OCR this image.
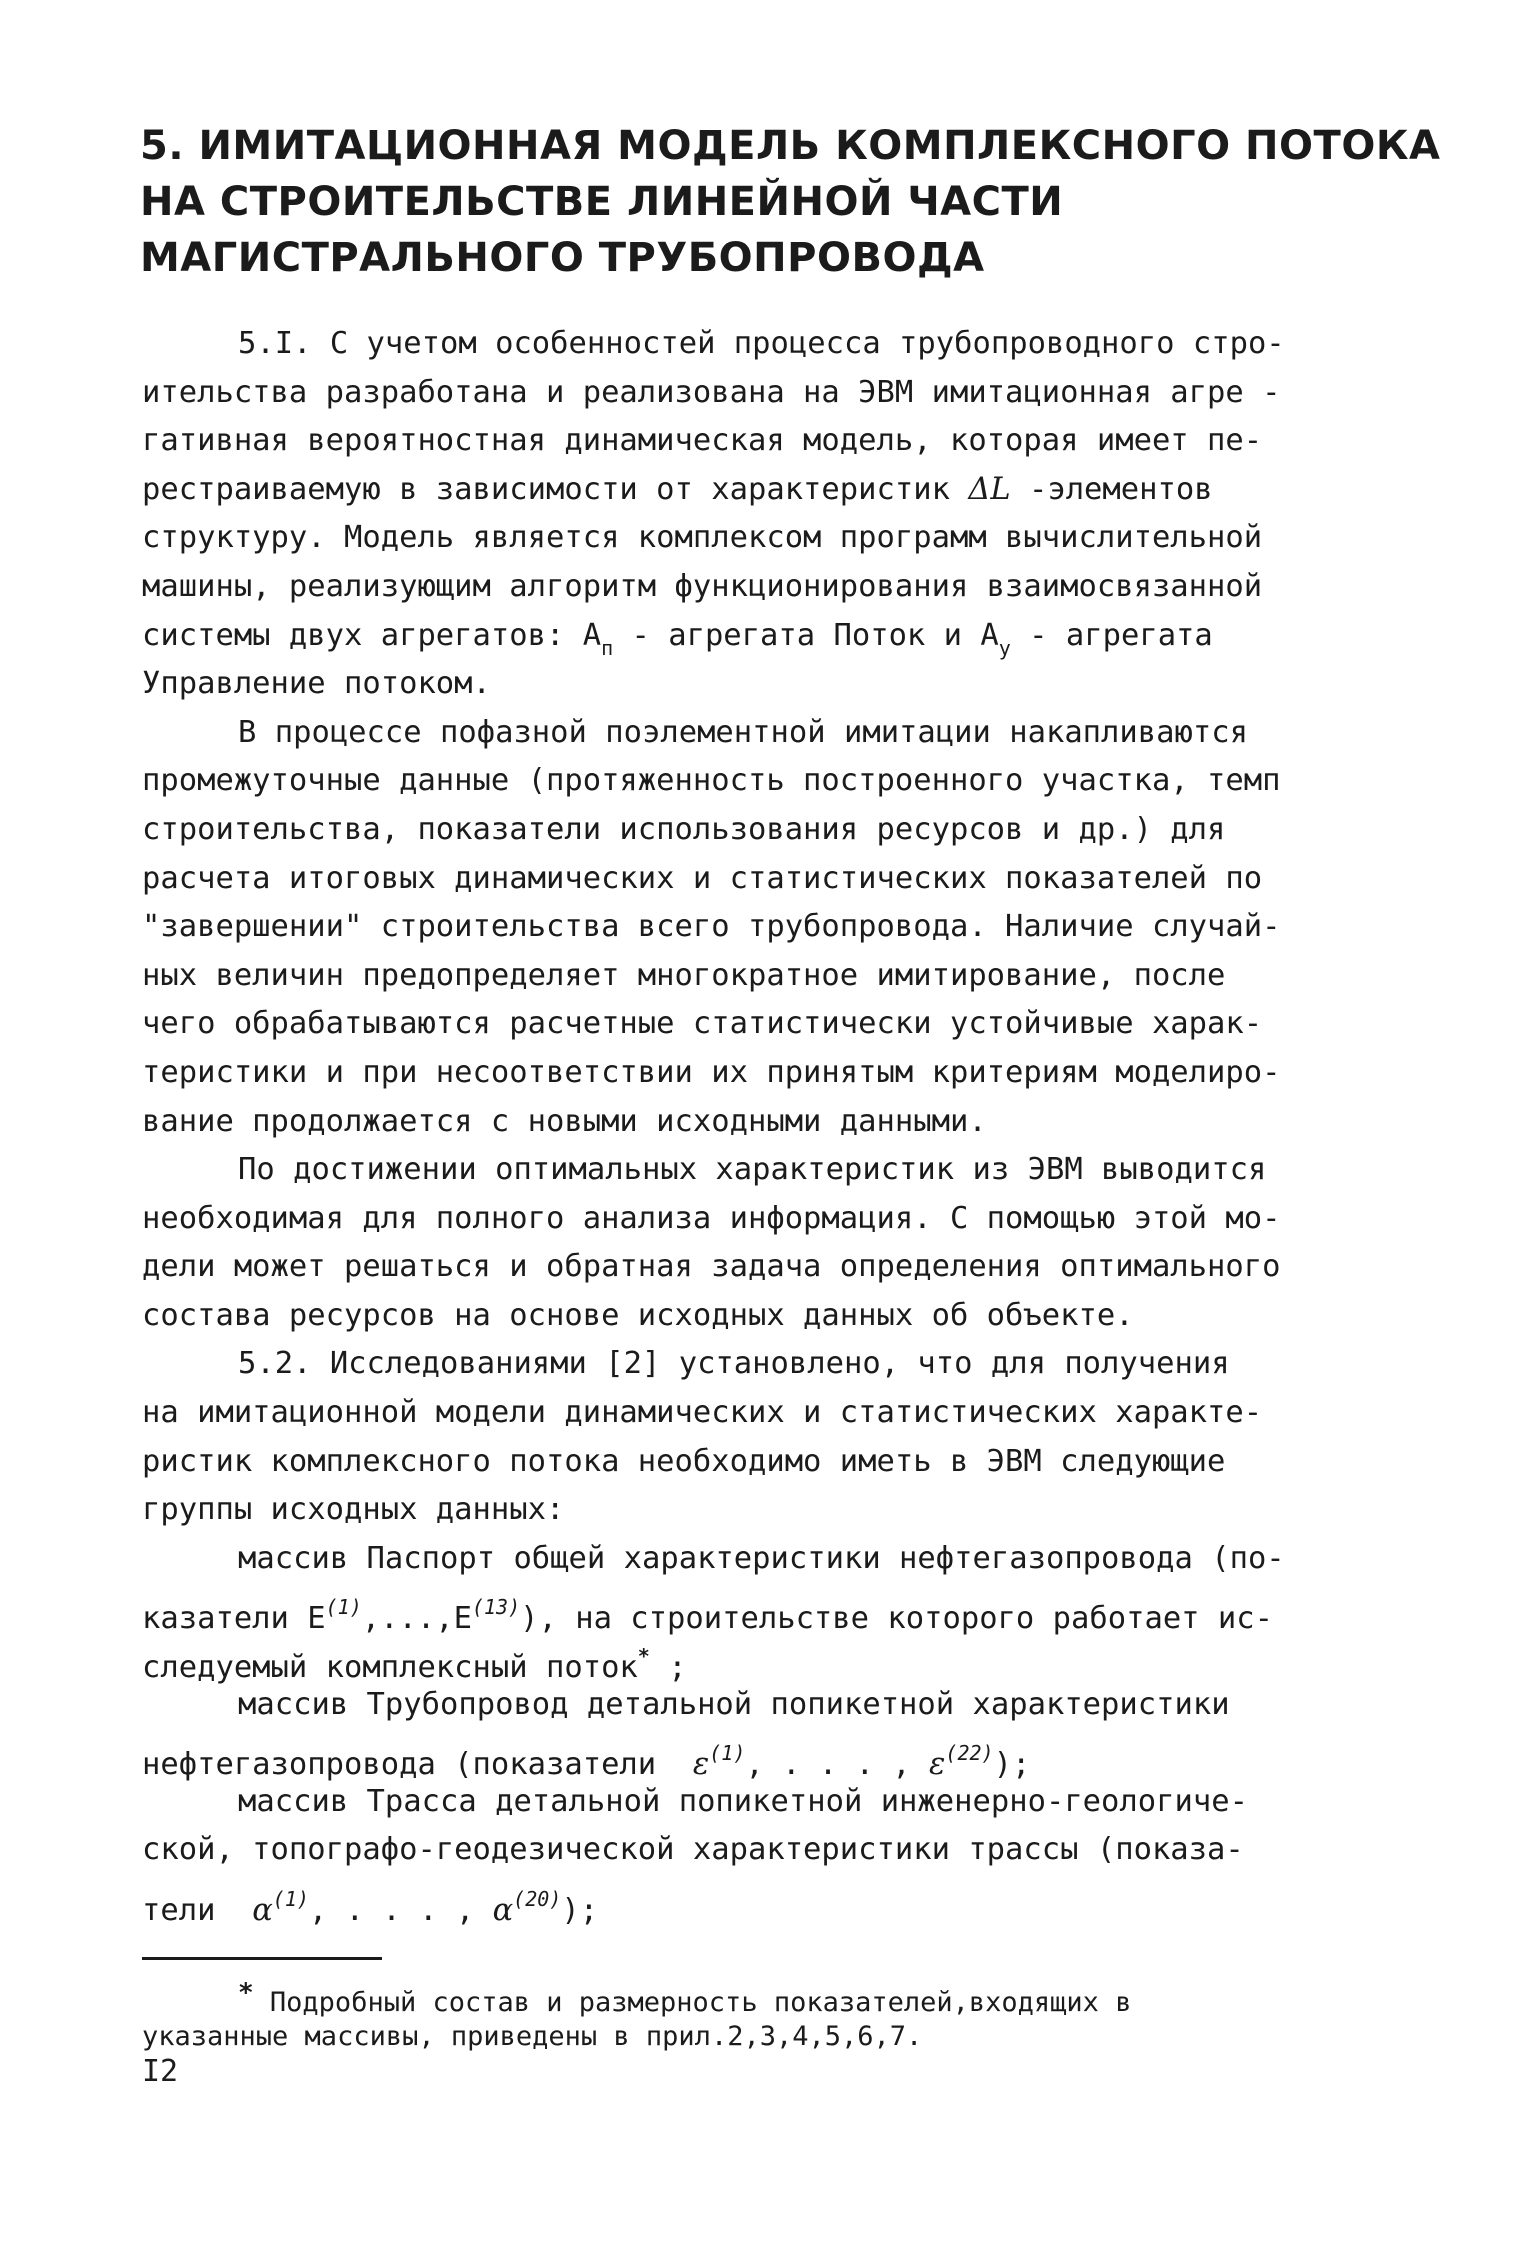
5. ИМИТАЦИОННАЯ МОДЕЛЬ КОМПЛЕКСНОГО ПОТОКА
НА СТРОИТЕЛЬСТВЕ ЛИНЕЙНОЙ ЧАСТИ
МАГИСТРАЛЬНОГО ТРУБОПРОВОДА
5.I. С учетом особенностей процесса трубопроводного стро-
ительства разработана и реализована на ЭВМ имитационная агре -
гативная вероятностная динамическая модель, которая имеет пе-
рестраиваемую в зависимости от характеристик ΔL -элементов
структуру. Модель является комплексом программ вычислительной
машины, реализующим алгоритм функционирования взаимосвязанной
системы двух агрегатов: $А_п$ - агрегата Поток и $А_у$ - агрегата
Управление потоком.
В процессе пофазной поэлементной имитации накапливаются
промежуточные данные (протяженность построенного участка, темп
строительства, показатели использования ресурсов и др.) для
расчета итоговых динамических и статистических показателей по
"завершении" строительства всего трубопровода. Наличие случай-
ных величин предопределяет многократное имитирование, после
чего обрабатываются расчетные статистически устойчивые харак-
теристики и при несоответствии их принятым критериям моделиро-
вание продолжается с новыми исходными данными.
По достижении оптимальных характеристик из ЭВМ выводится
необходимая для полного анализа информация. С помощью этой мо-
дели может решаться и обратная задача определения оптимального
состава ресурсов на основе исходных данных об объекте.
5.2. Исследованиями [2] установлено, что для получения
на имитационной модели динамических и статистических характе-
ристик комплексного потока необходимо иметь в ЭВМ следующие
группы исходных данных:
массив Паспорт общей характеристики нефтегазопровода (по-
казатели $Е^{(1)},...,Е^{(13)}$), на строительстве которого работает ис-
следуемый комплексный поток* ;
массив Трубопровод детальной попикетной характеристики
нефтегазопровода (показатели  $\varepsilon^{(1)}$, . . . , $\varepsilon^{(22)}$);
массив Трасса детальной попикетной инженерно-геологиче-
ской, топографо-геодезической характеристики трассы (показа-
тели  $\alpha^{(1)}$, . . . , $\alpha^{(20)}$);
* Подробный состав и размерность показателей,входящих в
указанные массивы, приведены в прил.2,3,4,5,6,7.
I2
